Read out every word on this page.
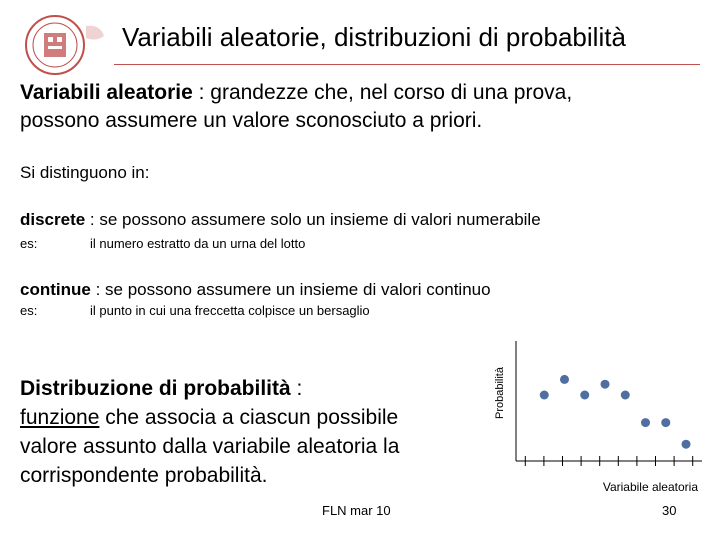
Variabili aleatorie, distribuzioni di probabilità
Variabili aleatorie : grandezze che, nel corso di una prova,
possono assumere un valore sconosciuto a priori.
Si distinguono in:
discrete : se possono assumere solo un insieme di valori numerabile
es:	il numero estratto da un urna del lotto
continue : se possono assumere un insieme di valori continuo
es:	il punto in cui una freccetta colpisce un bersaglio
Distribuzione di probabilità :
funzione che associa a ciascun possibile
valore assunto dalla variabile aleatoria la
corrispondente probabilità.
Probabilità
Variabile aleatoria
FLN mar 10	30
